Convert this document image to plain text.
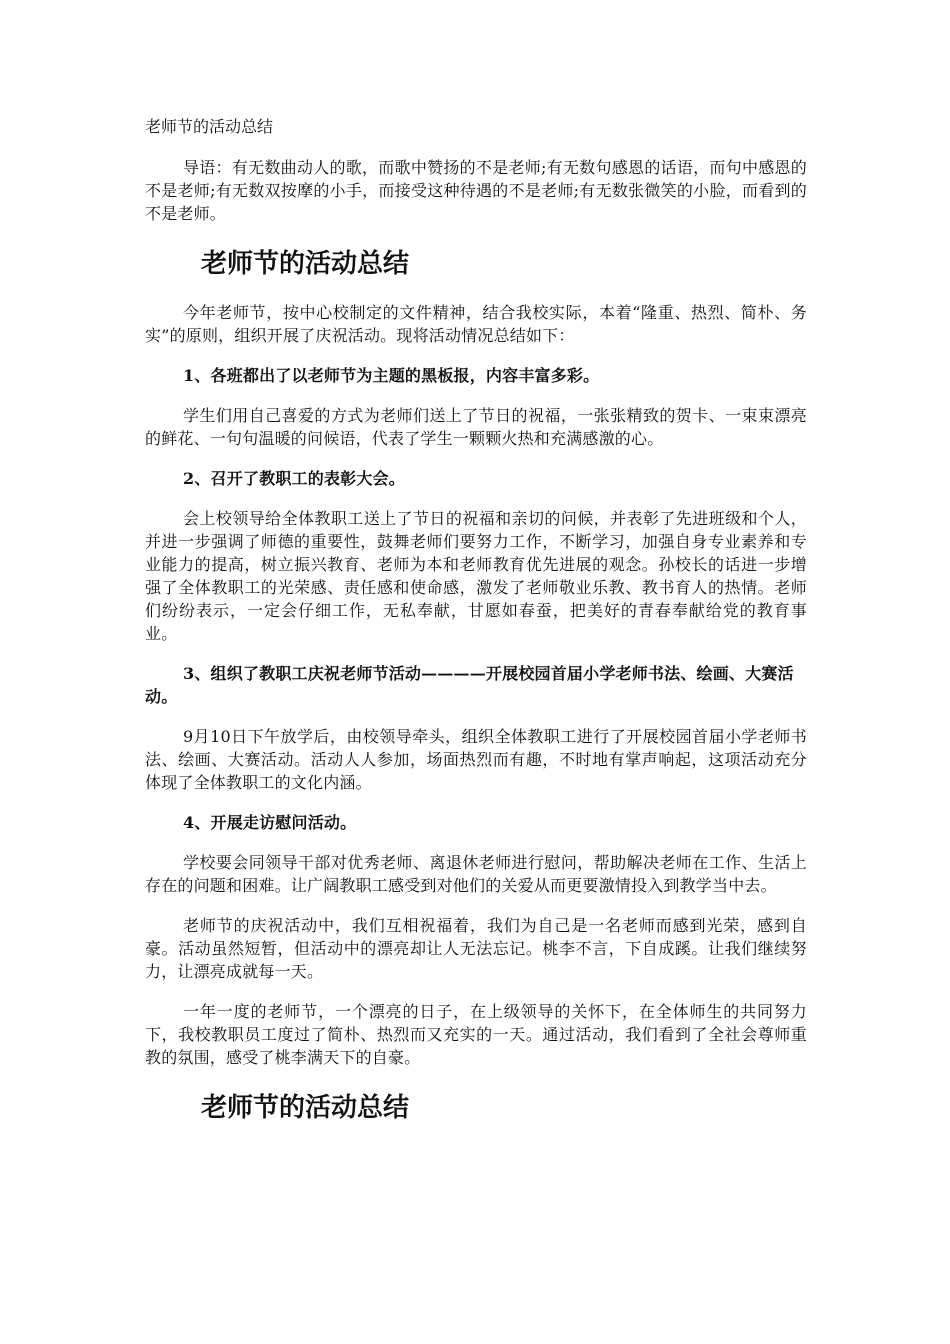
老师节的活动总结

导语：有无数曲动人的歌，而歌中赞扬的不是老师;有无数句感恩的话语，而句中感恩的不是老师;有无数双按摩的小手，而接受这种待遇的不是老师;有无数张微笑的小脸，而看到的不是老师。

老师节的活动总结

今年老师节，按中心校制定的文件精神，结合我校实际，本着“隆重、热烈、简朴、务实”的原则，组织开展了庆祝活动。现将活动情况总结如下：

1、各班都出了以老师节为主题的黑板报，内容丰富多彩。

学生们用自己喜爱的方式为老师们送上了节日的祝福，一张张精致的贺卡、一束束漂亮的鲜花、一句句温暖的问候语，代表了学生一颗颗火热和充满感激的心。

2、召开了教职工的表彰大会。

会上校领导给全体教职工送上了节日的祝福和亲切的问候，并表彰了先进班级和个人，并进一步强调了师德的重要性，鼓舞老师们要努力工作，不断学习，加强自身专业素养和专业能力的提高，树立振兴教育、老师为本和老师教育优先进展的观念。孙校长的话进一步增强了全体教职工的光荣感、责任感和使命感，激发了老师敬业乐教、教书育人的热情。老师们纷纷表示，一定会仔细工作，无私奉献，甘愿如春蚕，把美好的青春奉献给党的教育事业。

3、组织了教职工庆祝老师节活动————开展校园首届小学老师书法、绘画、大赛活动。

9月10日下午放学后，由校领导牵头，组织全体教职工进行了开展校园首届小学老师书法、绘画、大赛活动。活动人人参加，场面热烈而有趣，不时地有掌声响起，这项活动充分体现了全体教职工的文化内涵。

4、开展走访慰问活动。

学校要会同领导干部对优秀老师、离退休老师进行慰问，帮助解决老师在工作、生活上存在的问题和困难。让广阔教职工感受到对他们的关爱从而更要激情投入到教学当中去。

老师节的庆祝活动中，我们互相祝福着，我们为自己是一名老师而感到光荣，感到自豪。活动虽然短暂，但活动中的漂亮却让人无法忘记。桃李不言，下自成蹊。让我们继续努力，让漂亮成就每一天。

一年一度的老师节，一个漂亮的日子，在上级领导的关怀下，在全体师生的共同努力下，我校教职员工度过了简朴、热烈而又充实的一天。通过活动，我们看到了全社会尊师重教的氛围，感受了桃李满天下的自豪。

老师节的活动总结
